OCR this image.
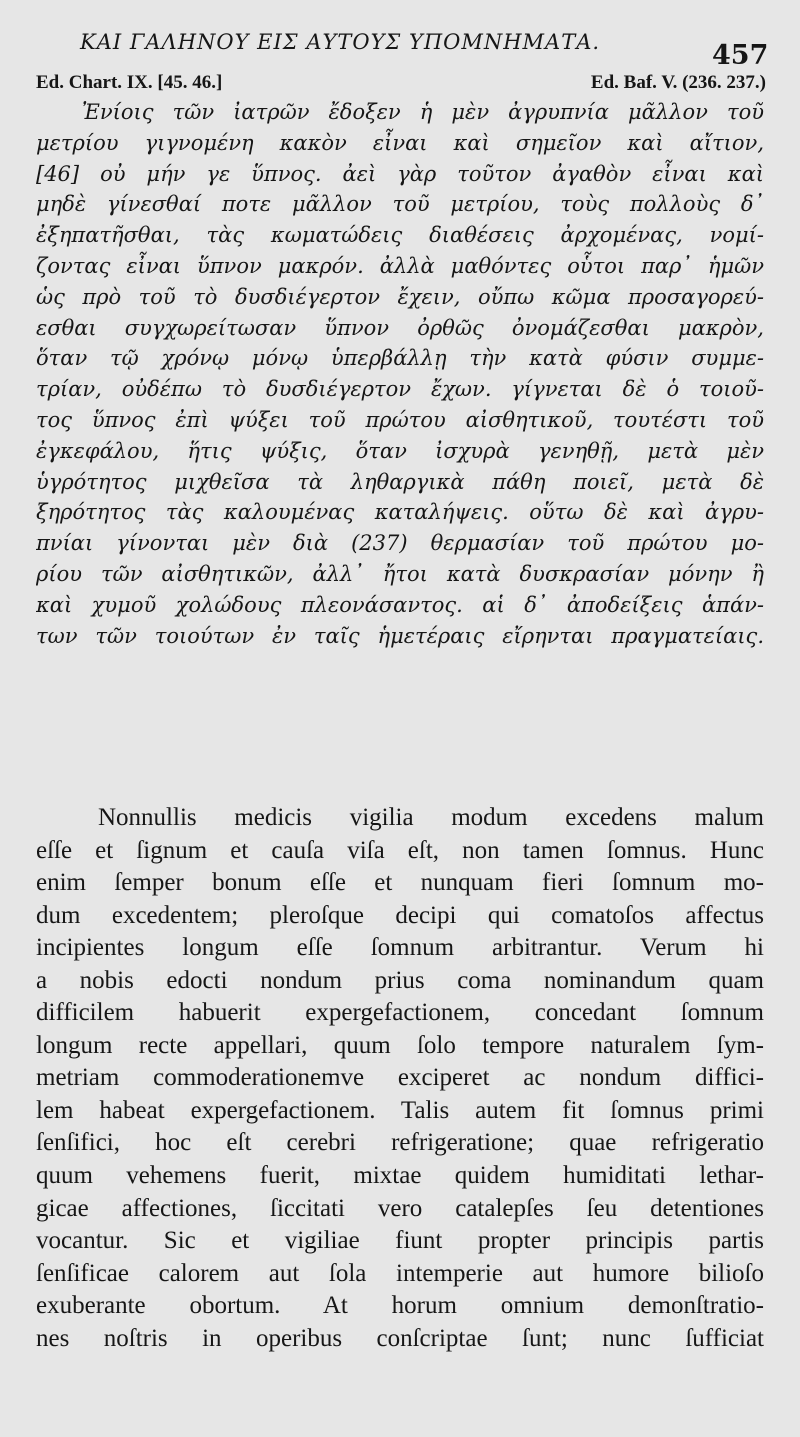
ΚΑΙ ΓΑΛΗΝΟΥ ΕΙΣ ΑΥΤΟΥΣ ΥΠΟΜΝΗΜΑΤΑ.	457
Ed. Chart. IX. [45. 46.]	Ed. Baf. V. (236. 237.)
Ἐνίοις τῶν ἰατρῶν ἔδοξεν ἡ μὲν ἀγρυπνία μᾶλλον τοῦ
μετρίου γιγνομένη κακὸν εἶναι καὶ σημεῖον καὶ αἴτιον,
[46] οὐ μήν γε ὕπνος. ἀεὶ γὰρ τοῦτον ἀγαθὸν εἶναι καὶ
μηδὲ γίνεσθαί ποτε μᾶλλον τοῦ μετρίου, τοὺς πολλοὺς δ᾽
ἐξηπατῆσθαι, τὰς κωματώδεις διαθέσεις ἀρχομένας, νομί-
ζοντας εἶναι ὕπνον μακρόν. ἀλλὰ μαθόντες οὗτοι παρ᾽ ἡμῶν
ὡς πρὸ τοῦ τὸ δυσδιέγερτον ἔχειν, οὔπω κῶμα προσαγορεύ-
εσθαι συγχωρείτωσαν ὕπνον ὀρθῶς ὀνομάζεσθαι μακρὸν,
ὅταν τῷ χρόνῳ μόνῳ ὑπερβάλλῃ τὴν κατὰ φύσιν συμμε-
τρίαν, οὐδέπω τὸ δυσδιέγερτον ἔχων. γίγνεται δὲ ὁ τοιοῦ-
τος ὕπνος ἐπὶ ψύξει τοῦ πρώτου αἰσθητικοῦ, τουτέστι τοῦ
ἐγκεφάλου, ἥτις ψύξις, ὅταν ἰσχυρὰ γενηθῇ, μετὰ μὲν
ὑγρότητος μιχθεῖσα τὰ ληθαργικὰ πάθη ποιεῖ, μετὰ δὲ
ξηρότητος τὰς καλουμένας καταλήψεις. οὕτω δὲ καὶ ἀγρυ-
πνίαι γίνονται μὲν διὰ (237) θερμασίαν τοῦ πρώτου μο-
ρίου τῶν αἰσθητικῶν, ἀλλ᾽ ἤτοι κατὰ δυσκρασίαν μόνην ἢ
καὶ χυμοῦ χολώδους πλεονάσαντος. αἱ δ᾽ ἀποδείξεις ἁπάν-
των τῶν τοιούτων ἐν ταῖς ἡμετέραις εἴρηνται πραγματείαις.
Nonnullis medicis vigilia modum excedens malum
eſſe et ſignum et cauſa viſa eſt, non tamen ſomnus. Hunc
enim ſemper bonum eſſe et nunquam fieri ſomnum mo-
dum excedentem; pleroſque decipi qui comatoſos affectus
incipientes longum eſſe ſomnum arbitrantur. Verum hi
a nobis edocti nondum prius coma nominandum quam
difficilem habuerit expergefactionem, concedant ſomnum
longum recte appellari, quum ſolo tempore naturalem ſym-
metriam commoderationemve exciperet ac nondum diffici-
lem habeat expergefactionem. Talis autem fit ſomnus primi
ſenſifici, hoc eſt cerebri refrigeratione; quae refrigeratio
quum vehemens fuerit, mixtae quidem humiditati lethar-
gicae affectiones, ſiccitati vero catalepſes ſeu detentiones
vocantur. Sic et vigiliae fiunt propter principis partis
ſenſificae calorem aut ſola intemperie aut humore bilioſo
exuberante obortum. At horum omnium demonſtratio-
nes noſtris in operibus conſcriptae ſunt; nunc ſufficiat
